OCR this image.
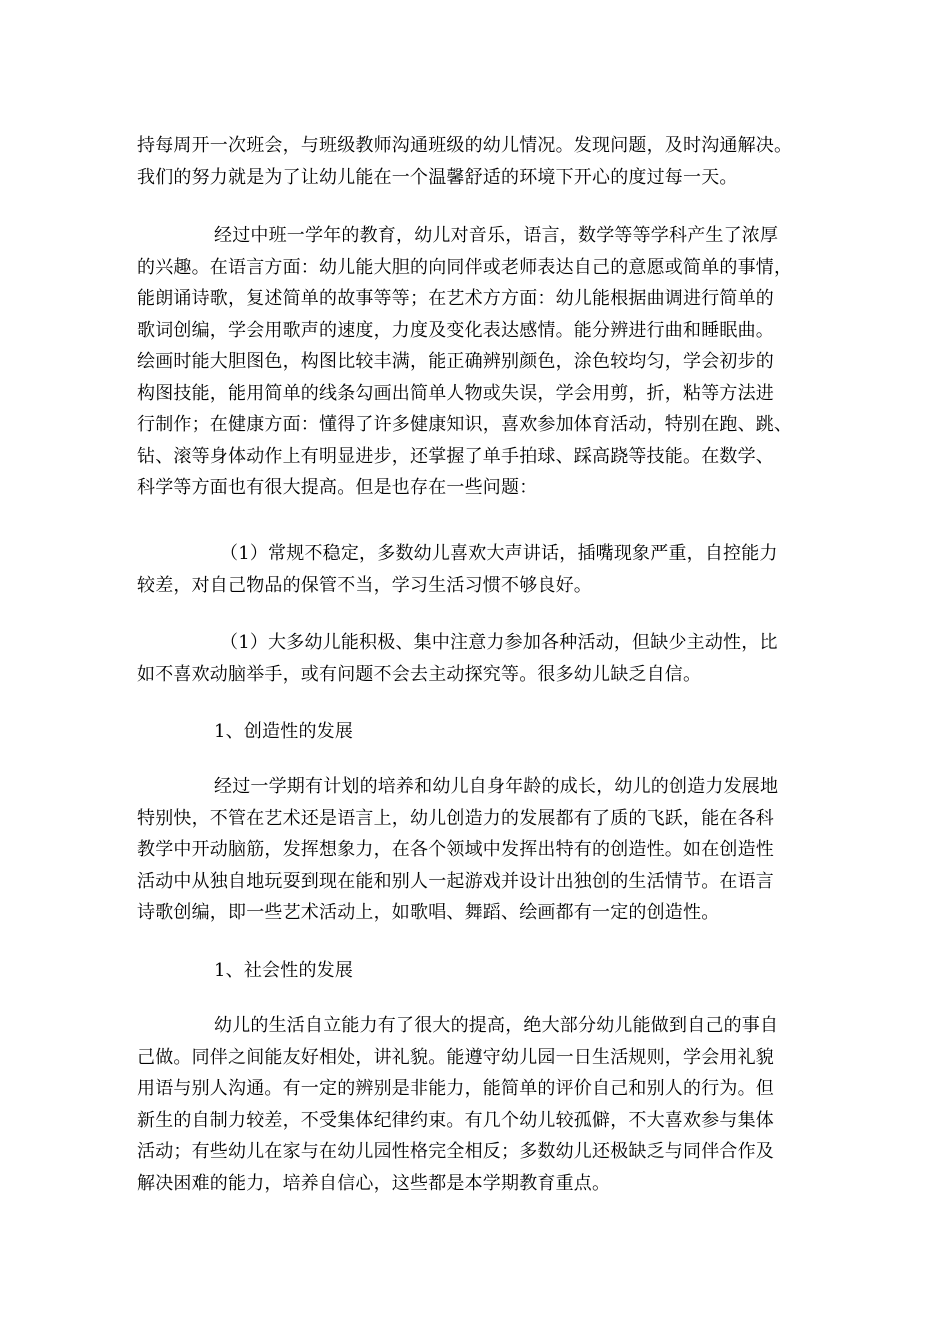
持每周开一次班会，与班级教师沟通班级的幼儿情况。发现问题，及时沟通解决。
我们的努力就是为了让幼儿能在一个温馨舒适的环境下开心的度过每一天。
经过中班一学年的教育，幼儿对音乐，语言，数学等等学科产生了浓厚
的兴趣。在语言方面：幼儿能大胆的向同伴或老师表达自己的意愿或简单的事情，
能朗诵诗歌，复述简单的故事等等；在艺术方方面：幼儿能根据曲调进行简单的
歌词创编，学会用歌声的速度，力度及变化表达感情。能分辨进行曲和睡眠曲。
绘画时能大胆图色，构图比较丰满，能正确辨别颜色，涂色较均匀，学会初步的
构图技能，能用简单的线条勾画出简单人物或失误，学会用剪，折，粘等方法进
行制作；在健康方面：懂得了许多健康知识，喜欢参加体育活动，特别在跑、跳、
钻、滚等身体动作上有明显进步，还掌握了单手拍球、踩高跷等技能。在数学、
科学等方面也有很大提高。但是也存在一些问题：
（1）常规不稳定，多数幼儿喜欢大声讲话，插嘴现象严重，自控能力
较差，对自己物品的保管不当，学习生活习惯不够良好。
（1）大多幼儿能积极、集中注意力参加各种活动，但缺少主动性，比
如不喜欢动脑举手，或有问题不会去主动探究等。很多幼儿缺乏自信。
1、创造性的发展
经过一学期有计划的培养和幼儿自身年龄的成长，幼儿的创造力发展地
特别快，不管在艺术还是语言上，幼儿创造力的发展都有了质的飞跃，能在各科
教学中开动脑筋，发挥想象力，在各个领域中发挥出特有的创造性。如在创造性
活动中从独自地玩耍到现在能和别人一起游戏并设计出独创的生活情节。在语言
诗歌创编，即一些艺术活动上，如歌唱、舞蹈、绘画都有一定的创造性。
1、社会性的发展
幼儿的生活自立能力有了很大的提高，绝大部分幼儿能做到自己的事自
己做。同伴之间能友好相处，讲礼貌。能遵守幼儿园一日生活规则，学会用礼貌
用语与别人沟通。有一定的辨别是非能力，能简单的评价自己和别人的行为。但
新生的自制力较差，不受集体纪律约束。有几个幼儿较孤僻，不大喜欢参与集体
活动；有些幼儿在家与在幼儿园性格完全相反；多数幼儿还极缺乏与同伴合作及
解决困难的能力，培养自信心，这些都是本学期教育重点。
